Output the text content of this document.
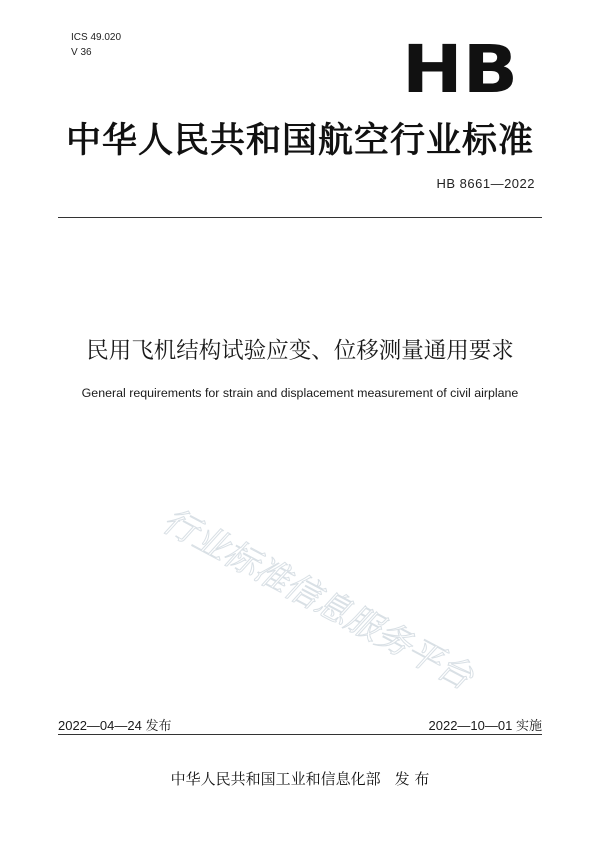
ICS 49.020
V 36	HB
中华人民共和国航空行业标准
HB 8661—2022
民用飞机结构试验应变、位移测量通用要求
General requirements for strain and displacement measurement of civil airplane
行业标准信息服务平台
2022—04—24 发布	2022—10—01 实施
中华人民共和国工业和信息化部 发 布
